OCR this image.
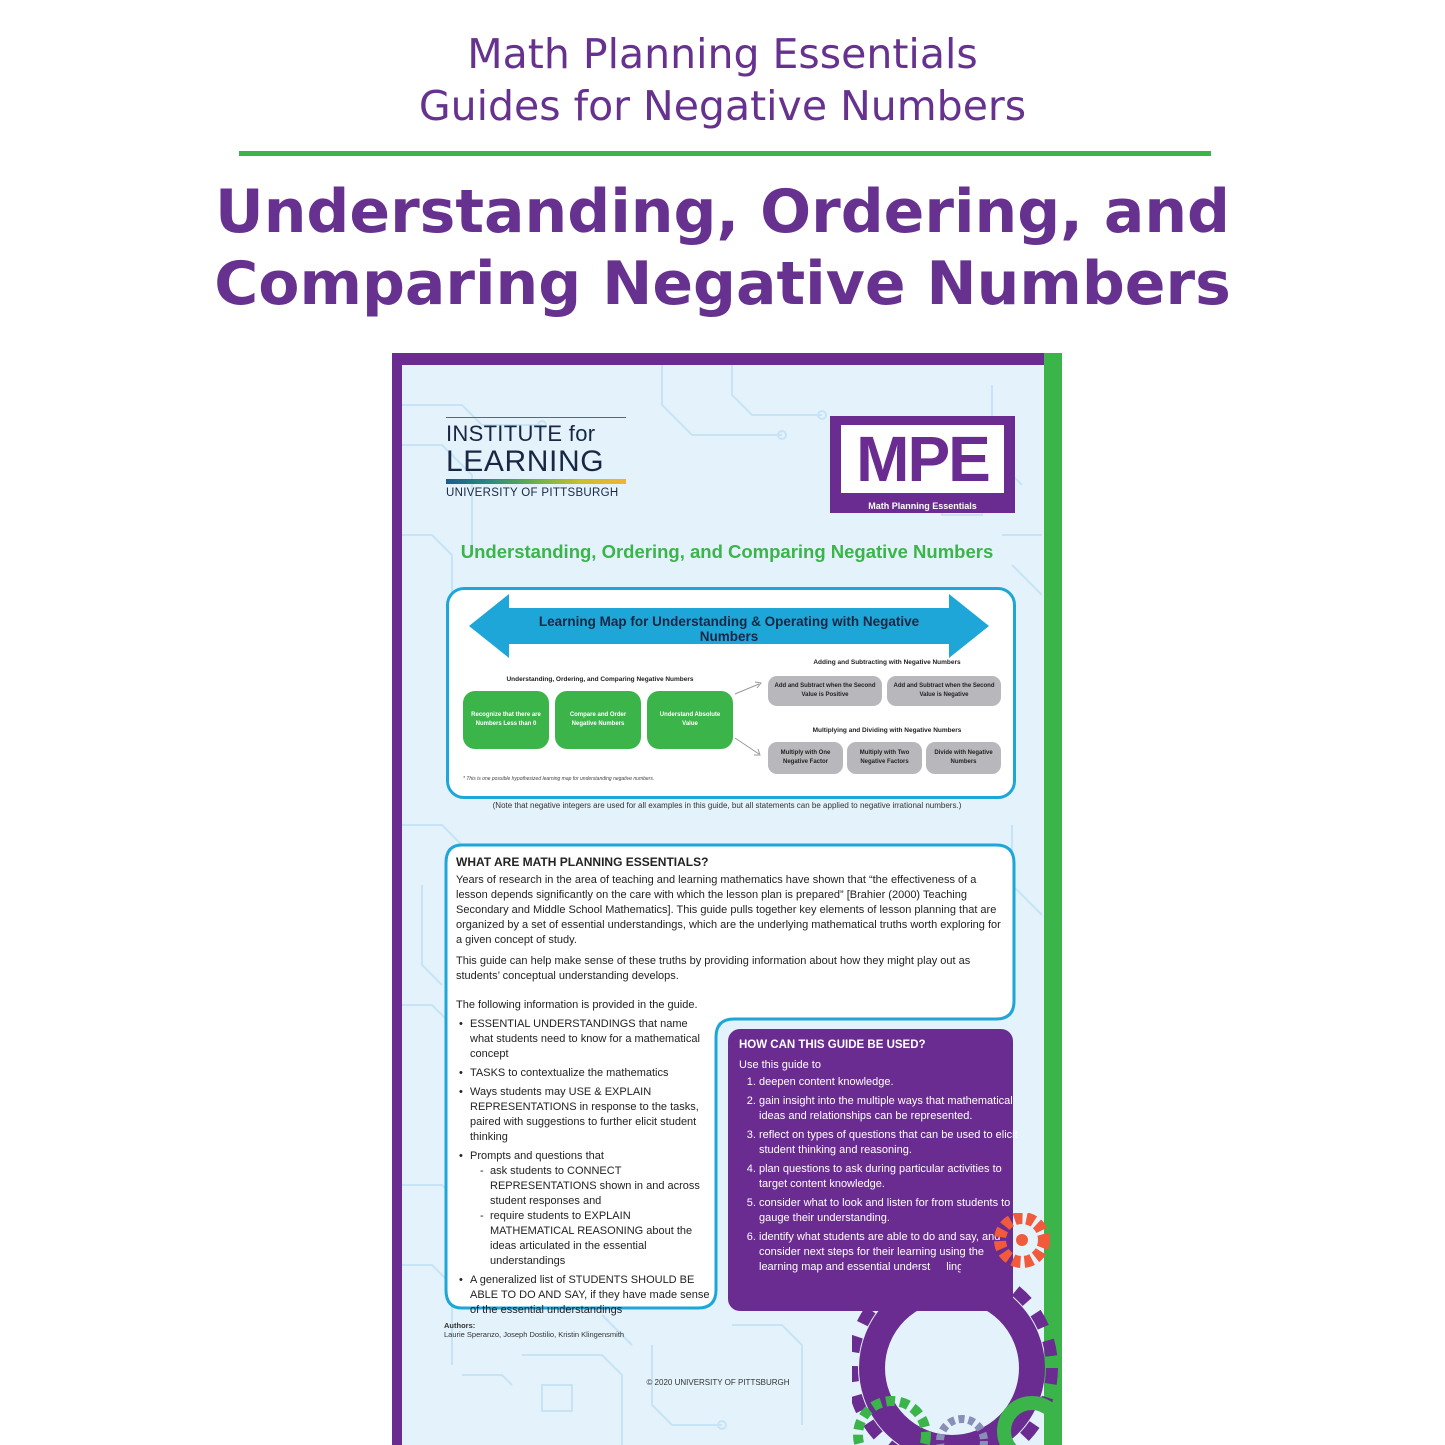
Math Planning Essentials
Guides for Negative Numbers
Understanding, Ordering, and
Comparing Negative Numbers
INSTITUTE for
LEARNING
UNIVERSITY OF PITTSBURGH	MPE
Math Planning Essentials
Understanding, Ordering, and Comparing Negative Numbers
Learning Map for Understanding & Operating with Negative Numbers
Understanding, Ordering, and Comparing Negative Numbers
Recognize that there are Numbers Less than 0
Compare and Order Negative Numbers
Understand Absolute Value
Adding and Subtracting with Negative Numbers
Add and Subtract when the Second Value is Positive
Add and Subtract when the Second Value is Negative
Multiplying and Dividing with Negative Numbers
Multiply with One Negative Factor
Multiply with Two Negative Factors
Divide with Negative Numbers
* This is one possible hypothesized learning map for understanding negative numbers.
(Note that negative integers are used for all examples in this guide, but all statements can be applied to negative irrational numbers.)
WHAT ARE MATH PLANNING ESSENTIALS?

Years of research in the area of teaching and learning mathematics have shown that “the effectiveness of a lesson depends significantly on the care with which the lesson plan is prepared” [Brahier (2000) Teaching Secondary and Middle School Mathematics]. This guide pulls together key elements of lesson planning that are organized by a set of essential understandings, which are the underlying mathematical truths worth exploring for a given concept of study.

This guide can help make sense of these truths by providing information about how they might play out as students’ conceptual understanding develops.

The following information is provided in the guide.
• ESSENTIAL UNDERSTANDINGS that name what students need to know for a mathematical concept
• TASKS to contextualize the mathematics
• Ways students may USE & EXPLAIN REPRESENTATIONS in response to the tasks, paired with suggestions to further elicit student thinking
• Prompts and questions that
- ask students to CONNECT REPRESENTATIONS shown in and across student responses and
- require students to EXPLAIN MATHEMATICAL REASONING about the ideas articulated in the essential understandings
• A generalized list of STUDENTS SHOULD BE ABLE TO DO AND SAY, if they have made sense of the essential understandings
HOW CAN THIS GUIDE BE USED?
Use this guide to
1. deepen content knowledge.
2. gain insight into the multiple ways that mathematical ideas and relationships can be represented.
3. reflect on types of questions that can be used to elicit student thinking and reasoning.
4. plan questions to ask during particular activities to target content knowledge.
5. consider what to look and listen for from students to gauge their understanding.
6. identify what students are able to do and say, and consider next steps for their learning using the learning map and essential understandings.
Authors:
Laurie Speranzo, Joseph Dostilio, Kristin Klingensmith
© 2020 UNIVERSITY OF PITTSBURGH
